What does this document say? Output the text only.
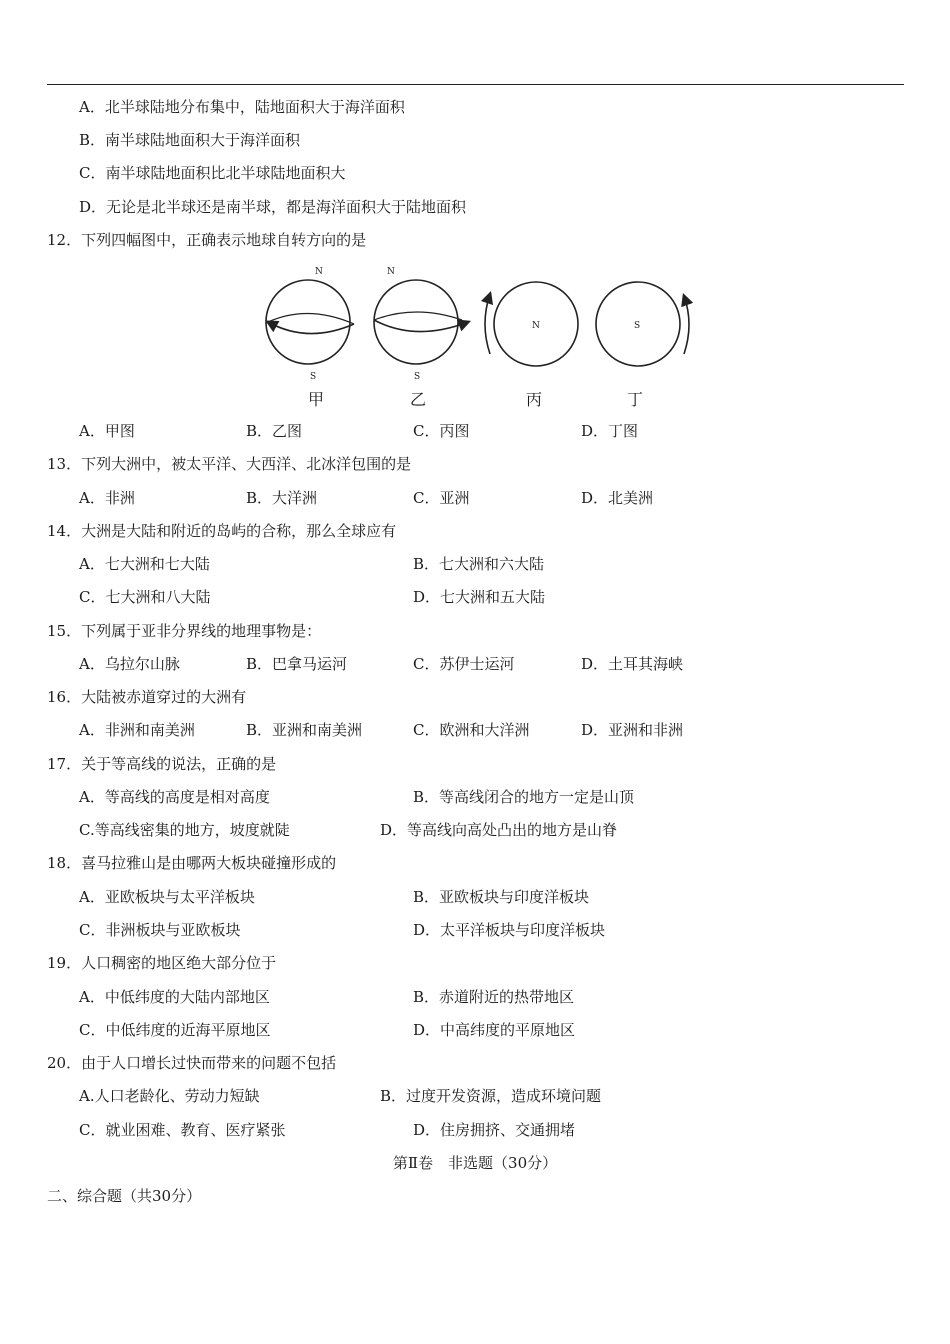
A．北半球陆地分布集中，陆地面积大于海洋面积
B．南半球陆地面积大于海洋面积
C．南半球陆地面积比北半球陆地面积大
D．无论是北半球还是南半球，都是海洋面积大于陆地面积
12．下列四幅图中，正确表示地球自转方向的是
N
S
N
S
N	S
甲	乙	丙	丁
A．甲图	B．乙图	C．丙图	D．丁图
13．下列大洲中，被太平洋、大西洋、北冰洋包围的是
A．非洲	B．大洋洲	C．亚洲	D．北美洲
14．大洲是大陆和附近的岛屿的合称，那么全球应有
A．七大洲和七大陆	B．七大洲和六大陆
C．七大洲和八大陆	D．七大洲和五大陆
15．下列属于亚非分界线的地理事物是：
A．乌拉尔山脉	B．巴拿马运河	C．苏伊士运河	D．土耳其海峡
16．大陆被赤道穿过的大洲有
A．非洲和南美洲	B．亚洲和南美洲	C．欧洲和大洋洲	D．亚洲和非洲
17．关于等高线的说法，正确的是
A．等高线的高度是相对高度	B．等高线闭合的地方一定是山顶
C.等高线密集的地方，坡度就陡	D．等高线向高处凸出的地方是山脊
18．喜马拉雅山是由哪两大板块碰撞形成的
A．亚欧板块与太平洋板块	B．亚欧板块与印度洋板块
C．非洲板块与亚欧板块	D．太平洋板块与印度洋板块
19．人口稠密的地区绝大部分位于
A．中低纬度的大陆内部地区	B．赤道附近的热带地区
C．中低纬度的近海平原地区	D．中高纬度的平原地区
20．由于人口增长过快而带来的问题不包括
A.人口老龄化、劳动力短缺	B．过度开发资源，造成环境问题
C．就业困难、教育、医疗紧张	D．住房拥挤、交通拥堵
第Ⅱ卷　非选题（30分）
二、综合题（共30分）
